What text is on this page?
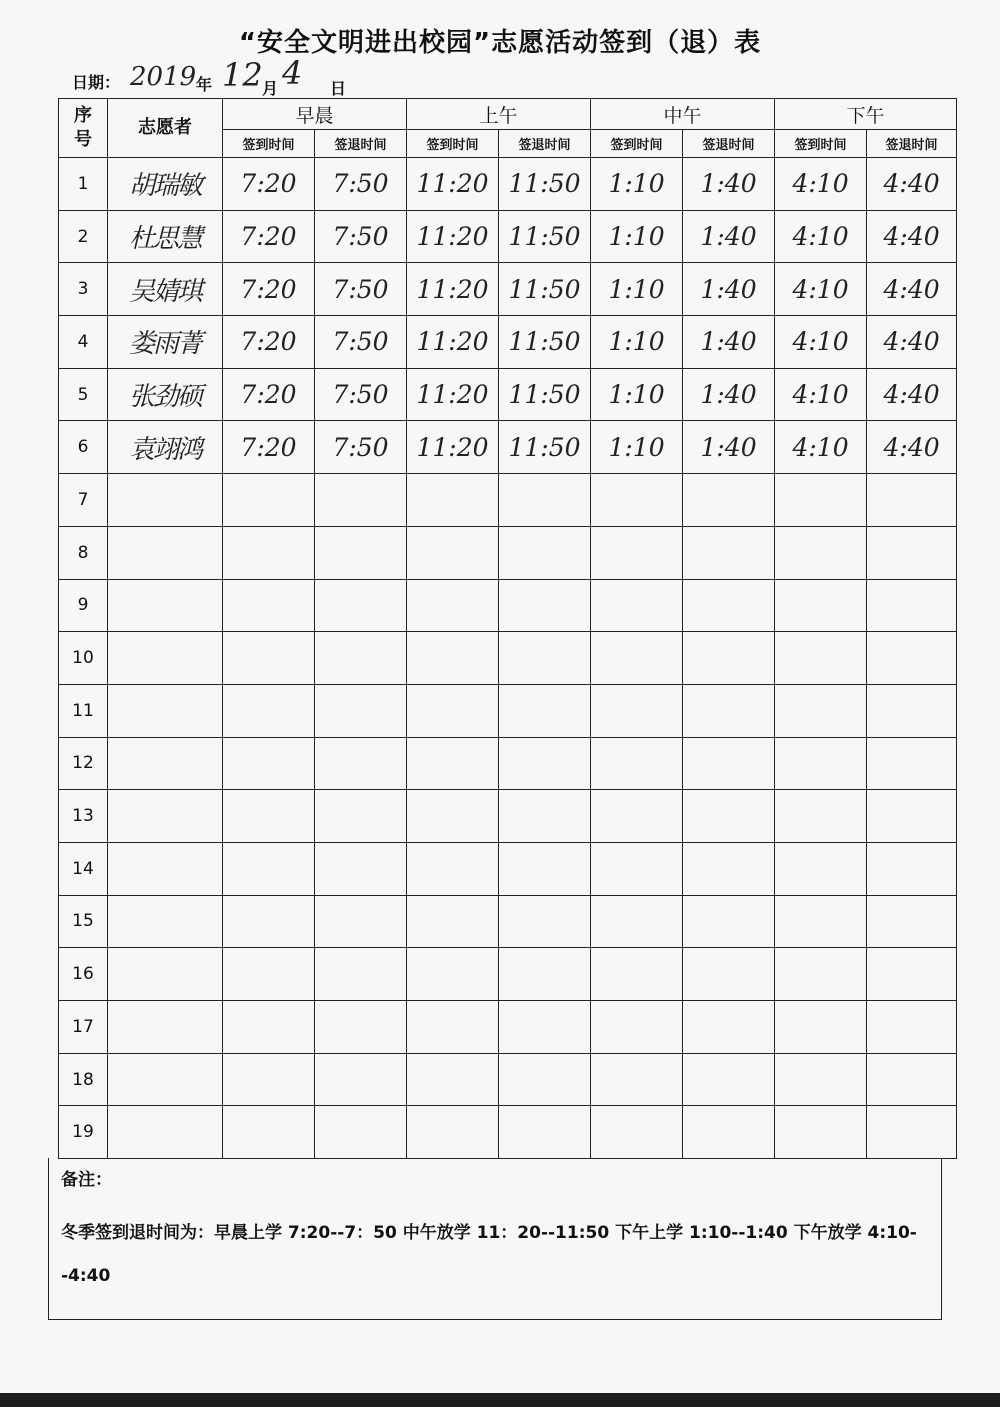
“安全文明进出校园”志愿活动签到（退）表
日期： 2019 年 12 月 4 日
序
号	志愿者	早晨		上午		中午		下午	
		签到时间	签退时间	签到时间	签退时间	签到时间	签退时间	签到时间	签退时间
1	胡瑞敏	7:20	7:50	11:20	11:50	1:10	1:40	4:10	4:40
2	杜思慧	7:20	7:50	11:20	11:50	1:10	1:40	4:10	4:40
3	吴婧琪	7:20	7:50	11:20	11:50	1:10	1:40	4:10	4:40
4	娄雨菁	7:20	7:50	11:20	11:50	1:10	1:40	4:10	4:40
5	张劲硕	7:20	7:50	11:20	11:50	1:10	1:40	4:10	4:40
6	袁翊鸿	7:20	7:50	11:20	11:50	1:10	1:40	4:10	4:40
7									
8									
9									
10									
11									
12									
13									
14									
15									
16									
17									
18									
19									
备注：
冬季签到退时间为：早晨上学 7:20--7：50 中午放学 11：20--11:50 下午上学 1:10--1:40 下午放学 4:10--4:40
